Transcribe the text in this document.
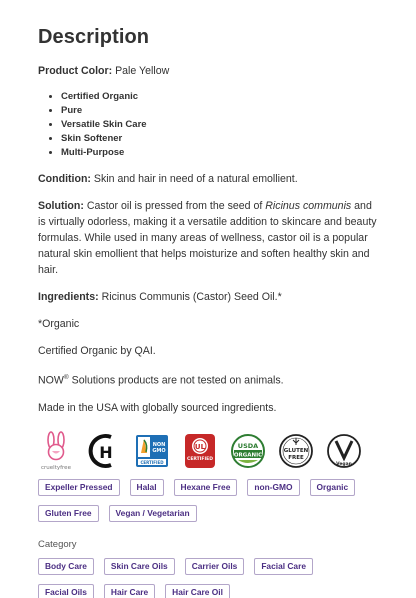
Description

Product Color: Pale Yellow

• Certified Organic
• Pure
• Versatile Skin Care
• Skin Softener
• Multi-Purpose

Condition: Skin and hair in need of a natural emollient.

Solution: Castor oil is pressed from the seed of Ricinus communis and is virtually odorless, making it a versatile addition to skincare and beauty formulas. While used in many areas of wellness, castor oil is a popular natural skin emollient that helps moisturize and soften healthy skin and hair.

Ingredients: Ricinus Communis (Castor) Seed Oil.*

*Organic

Certified Organic by QAI.

NOW® Solutions products are not tested on animals.

Made in the USA with globally sourced ingredients.

crueltyfree
H	NON
GMO
CERTIFIED
UL
CERTIFIED
USDA
ORGANIC
GLUTEN
FREE
Vegan
Expeller Pressed	Halal	Hexane Free	non-GMO	Organic
Gluten Free	Vegan / Vegetarian
Category
Body Care	Skin Care Oils	Carrier Oils	Facial Care
Facial Oils	Hair Care	Hair Care Oil
